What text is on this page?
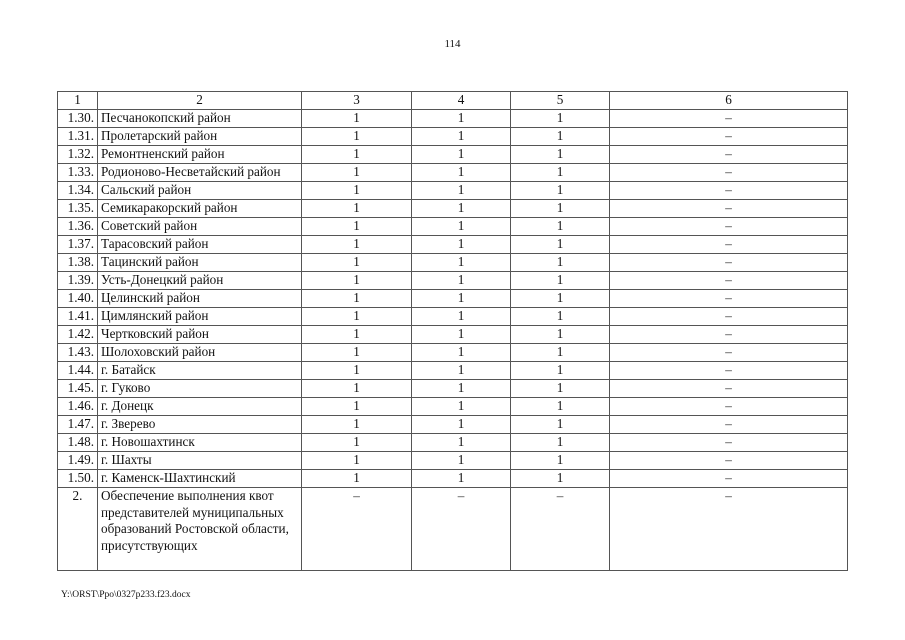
114
1	2	3	4	5	6
1.30.	Песчанокопский район	1	1	1	–
1.31.	Пролетарский район	1	1	1	–
1.32.	Ремонтненский район	1	1	1	–
1.33.	Родионово-Несветайский район	1	1	1	–
1.34.	Сальский район	1	1	1	–
1.35.	Семикаракорский район	1	1	1	–
1.36.	Советский район	1	1	1	–
1.37.	Тарасовский район	1	1	1	–
1.38.	Тацинский район	1	1	1	–
1.39.	Усть-Донецкий район	1	1	1	–
1.40.	Целинский район	1	1	1	–
1.41.	Цимлянский район	1	1	1	–
1.42.	Чертковский район	1	1	1	–
1.43.	Шолоховский район	1	1	1	–
1.44.	г. Батайск	1	1	1	–
1.45.	г. Гуково	1	1	1	–
1.46.	г. Донецк	1	1	1	–
1.47.	г. Зверево	1	1	1	–
1.48.	г. Новошахтинск	1	1	1	–
1.49.	г. Шахты	1	1	1	–
1.50.	г. Каменск-Шахтинский	1	1	1	–
2.	Обеспечение выполнения квот представителей муниципальных образований Ростовской области, присутствующих	–	–	–	–
Y:\ORST\Ppo\0327p233.f23.docx
